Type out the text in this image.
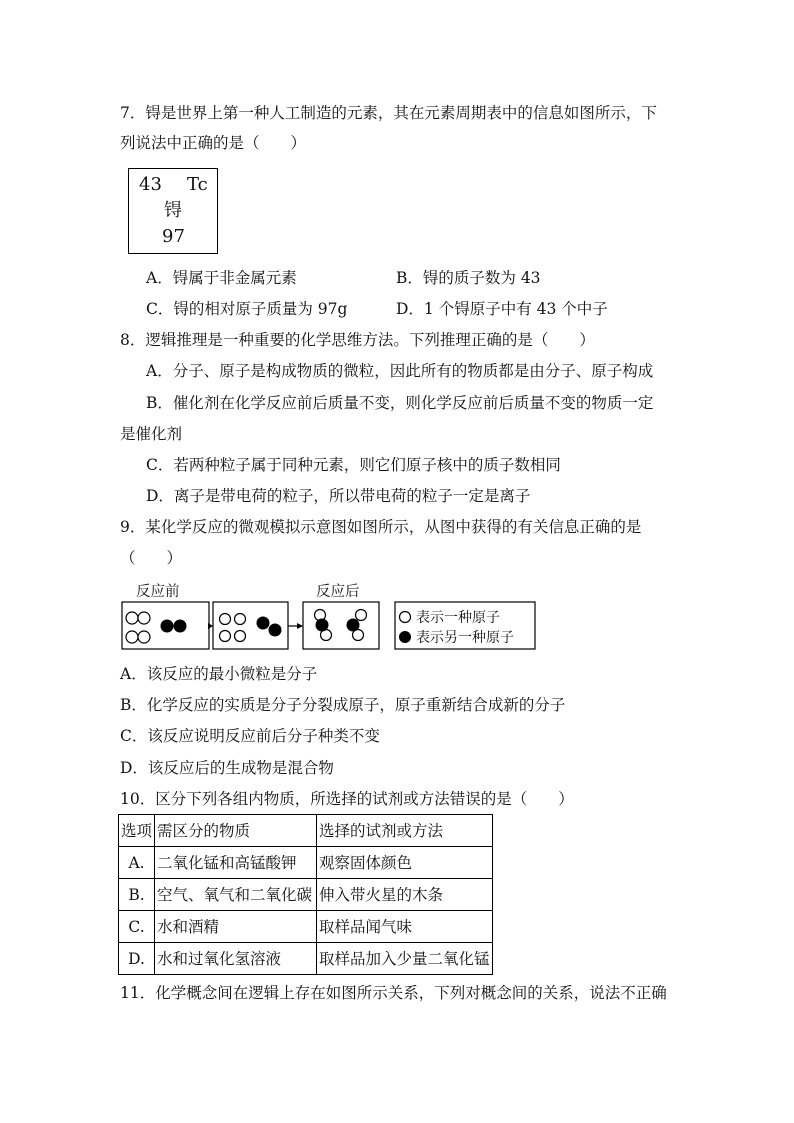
7．锝是世界上第一种人工制造的元素，其在元素周期表中的信息如图所示，下
列说法中正确的是（　　）
43 Tc
锝
97
A．锝属于非金属元素	B．锝的质子数为 43
C．锝的相对原子质量为 97g	D．1 个锝原子中有 43 个中子
8．逻辑推理是一种重要的化学思维方法。下列推理正确的是（　　）
A．分子、原子是构成物质的微粒，因此所有的物质都是由分子、原子构成
B．催化剂在化学反应前后质量不变，则化学反应前后质量不变的物质一定
是催化剂
C．若两种粒子属于同种元素，则它们原子核中的质子数相同
D．离子是带电荷的粒子，所以带电荷的粒子一定是离子
9．某化学反应的微观模拟示意图如图所示，从图中获得的有关信息正确的是
（　　）
反应前	反应后
表示一种原子
表示另一种原子
A．该反应的最小微粒是分子
B．化学反应的实质是分子分裂成原子，原子重新结合成新的分子
C．该反应说明反应前后分子种类不变
D．该反应后的生成物是混合物
10．区分下列各组内物质，所选择的试剂或方法错误的是（　　）
选项	需区分的物质	选择的试剂或方法
A.	二氧化锰和高锰酸钾	观察固体颜色
B.	空气、氧气和二氧化碳	伸入带火星的木条
C.	水和酒精	取样品闻气味
D.	水和过氧化氢溶液	取样品加入少量二氧化锰
11．化学概念间在逻辑上存在如图所示关系，下列对概念间的关系，说法不正确
